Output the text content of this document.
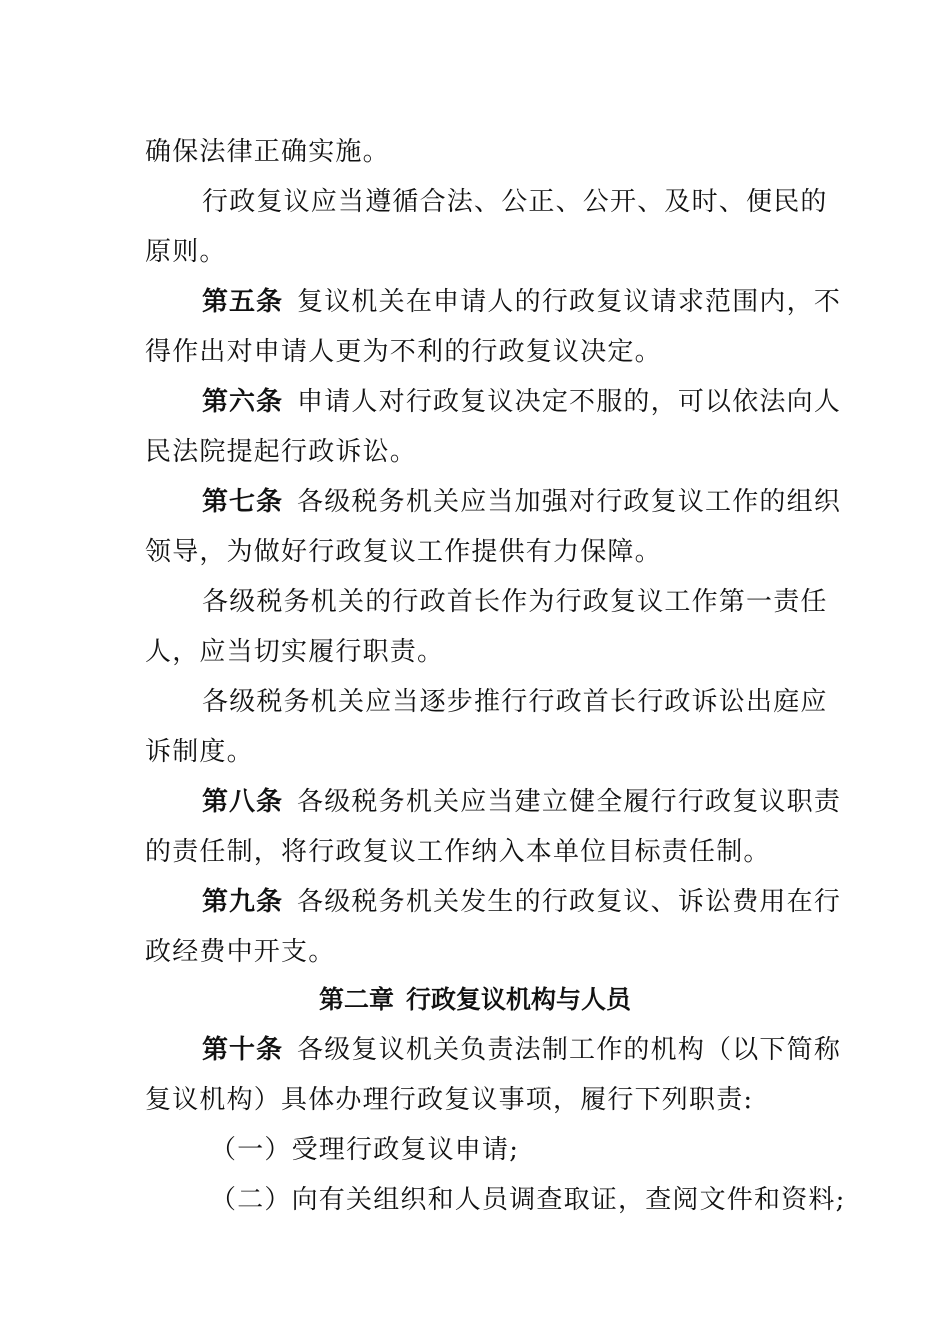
确保法律正确实施。
行政复议应当遵循合法、公正、公开、及时、便民的
原则。
第五条 复议机关在申请人的行政复议请求范围内，不
得作出对申请人更为不利的行政复议决定。
第六条 申请人对行政复议决定不服的，可以依法向人
民法院提起行政诉讼。
第七条 各级税务机关应当加强对行政复议工作的组织
领导，为做好行政复议工作提供有力保障。
各级税务机关的行政首长作为行政复议工作第一责任
人，应当切实履行职责。
各级税务机关应当逐步推行行政首长行政诉讼出庭应
诉制度。
第八条 各级税务机关应当建立健全履行行政复议职责
的责任制，将行政复议工作纳入本单位目标责任制。
第九条 各级税务机关发生的行政复议、诉讼费用在行
政经费中开支。
第二章 行政复议机构与人员
第十条 各级复议机关负责法制工作的机构（以下简称
复议机构）具体办理行政复议事项，履行下列职责:
（一）受理行政复议申请;
（二）向有关组织和人员调查取证，查阅文件和资料;
